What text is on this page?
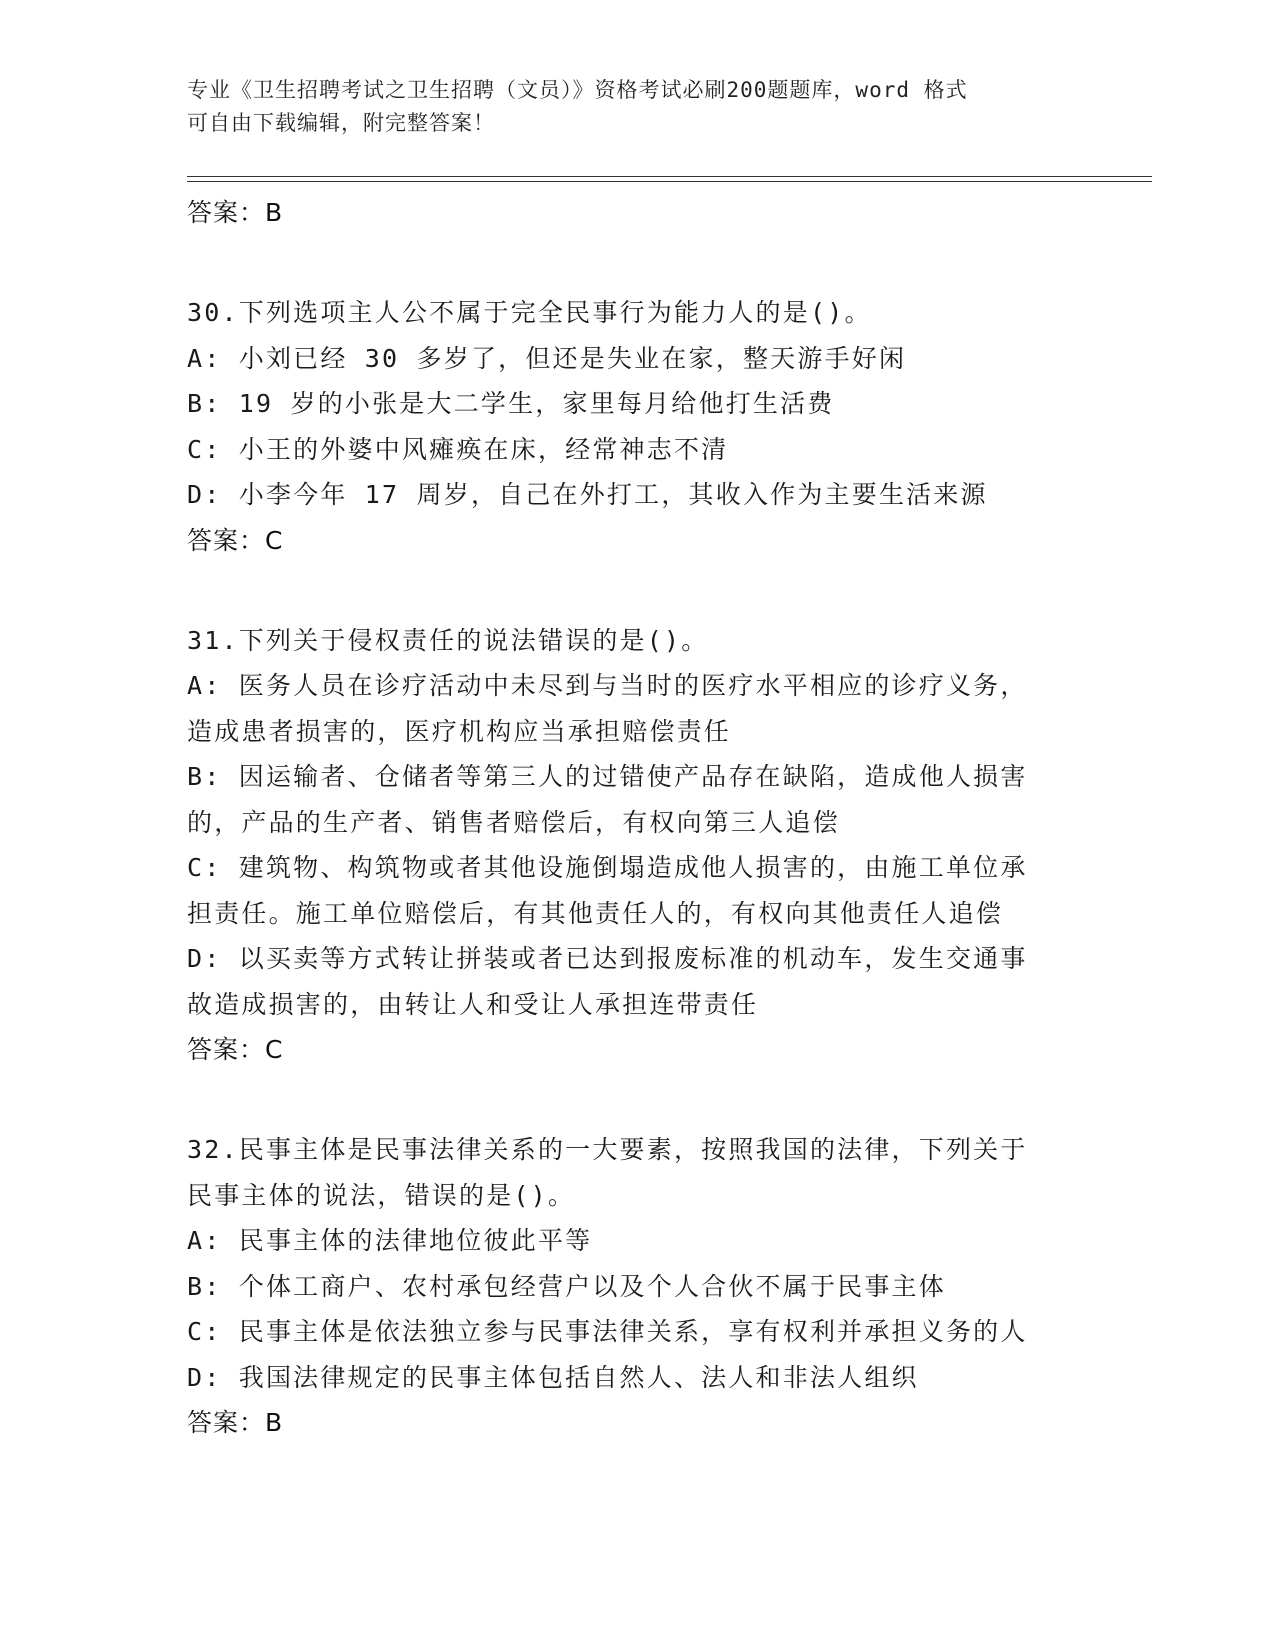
专业《卫生招聘考试之卫生招聘（文员）》资格考试必刷200题题库，word 格式
可自由下载编辑，附完整答案！
答案：B
30.下列选项主人公不属于完全民事行为能力人的是()。
A: 小刘已经 30 多岁了，但还是失业在家，整天游手好闲
B: 19 岁的小张是大二学生，家里每月给他打生活费
C: 小王的外婆中风瘫痪在床，经常神志不清
D: 小李今年 17 周岁，自己在外打工，其收入作为主要生活来源
答案：C
31.下列关于侵权责任的说法错误的是()。
A: 医务人员在诊疗活动中未尽到与当时的医疗水平相应的诊疗义务，
造成患者损害的，医疗机构应当承担赔偿责任
B: 因运输者、仓储者等第三人的过错使产品存在缺陷，造成他人损害
的，产品的生产者、销售者赔偿后，有权向第三人追偿
C: 建筑物、构筑物或者其他设施倒塌造成他人损害的，由施工单位承
担责任。施工单位赔偿后，有其他责任人的，有权向其他责任人追偿
D: 以买卖等方式转让拼装或者已达到报废标准的机动车，发生交通事
故造成损害的，由转让人和受让人承担连带责任
答案：C
32.民事主体是民事法律关系的一大要素，按照我国的法律，下列关于
民事主体的说法，错误的是()。
A: 民事主体的法律地位彼此平等
B: 个体工商户、农村承包经营户以及个人合伙不属于民事主体
C: 民事主体是依法独立参与民事法律关系，享有权利并承担义务的人
D: 我国法律规定的民事主体包括自然人、法人和非法人组织
答案：B
